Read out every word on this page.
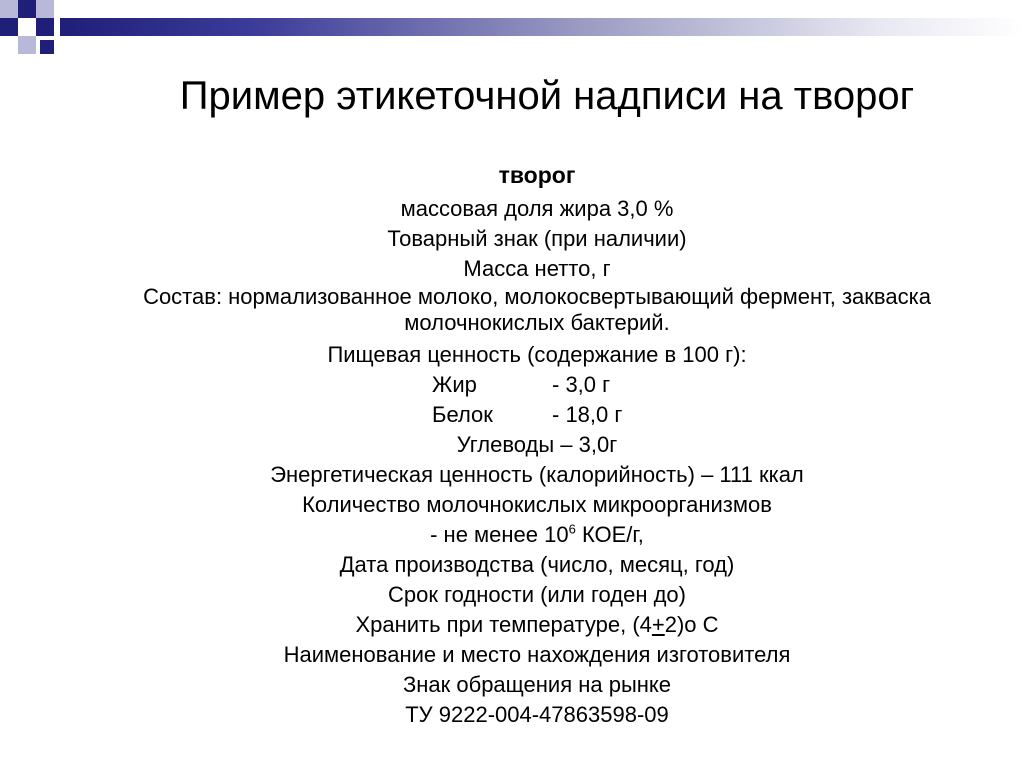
Пример этикеточной надписи на творог
творог
массовая доля жира 3,0 %
Товарный знак (при наличии)
Масса нетто, г
Состав: нормализованное молоко, молокосвертывающий фермент, закваска молочнокислых бактерий.
Пищевая ценность (содержание в 100 г):
Жир	- 3,0 г
Белок	- 18,0 г
Углеводы – 3,0г
Энергетическая ценность (калорийность) – 111 ккал
Количество молочнокислых микроорганизмов
- не менее $10^6$ КОЕ/г,
Дата производства (число, месяц, год)
Срок годности (или годен до)
Хранить при температуре, (4+2)о С
Наименование и место нахождения изготовителя
Знак обращения на рынке
ТУ 9222-004-47863598-09
